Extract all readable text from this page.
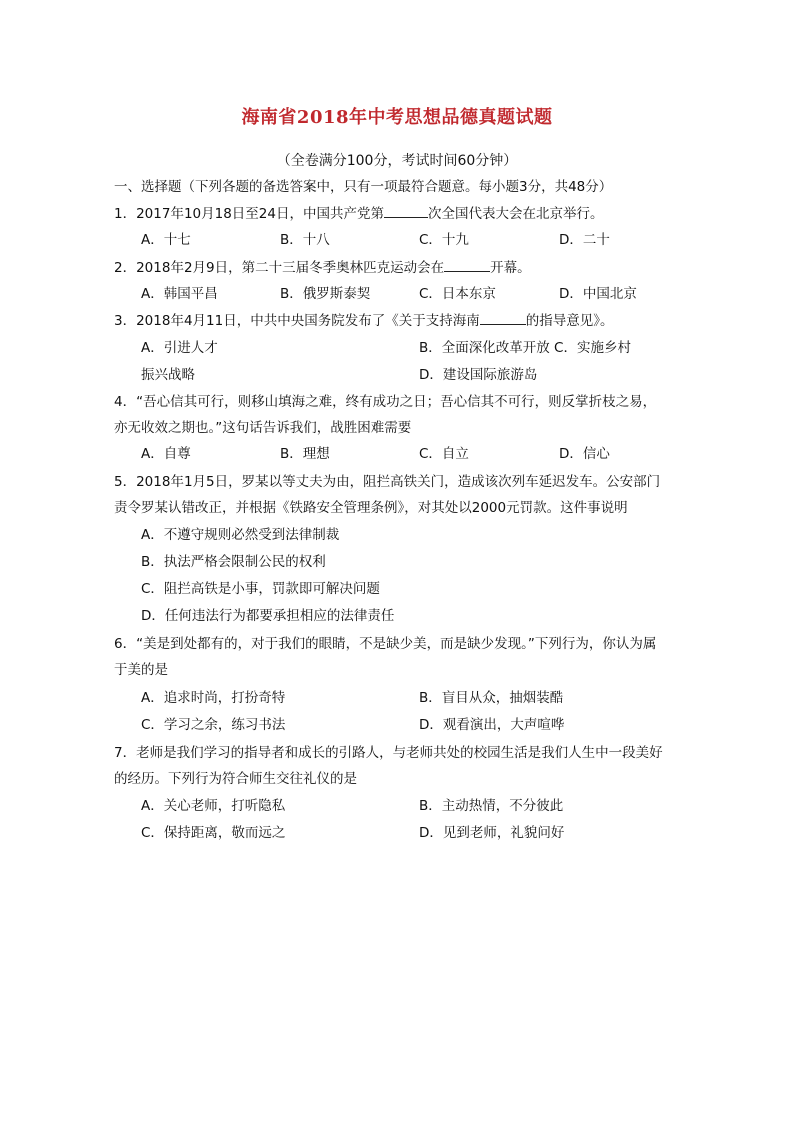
海南省2018年中考思想品德真题试题
（全卷满分100分，考试时间60分钟）
一、选择题（下列各题的备选答案中，只有一项最符合题意。每小题3分，共48分）
1．2017年10月18日至24日，中国共产党第	次全国代表大会在北京举行。
A．十七	B．十八	C．十九	D．二十
2．2018年2月9日，第二十三届冬季奥林匹克运动会在	开幕。
A．韩国平昌	B．俄罗斯泰契	C．日本东京	D．中国北京
3．2018年4月11日，中共中央国务院发布了《关于支持海南	的指导意见》。
A．引进人才	B．全面深化改革开放 C．实施乡村
振兴战略	D．建设国际旅游岛
4．“吾心信其可行，则移山填海之难，终有成功之日；吾心信其不可行，则反掌折枝之易，
亦无收效之期也。”这句话告诉我们，战胜困难需要
A．自尊	B．理想	C．自立	D．信心
5．2018年1月5日，罗某以等丈夫为由，阻拦高铁关门，造成该次列车延迟发车。公安部门
责令罗某认错改正，并根据《铁路安全管理条例》，对其处以2000元罚款。这件事说明
A．不遵守规则必然受到法律制裁
B．执法严格会限制公民的权利
C．阻拦高铁是小事，罚款即可解决问题
D．任何违法行为都要承担相应的法律责任
6．“美是到处都有的，对于我们的眼睛，不是缺少美，而是缺少发现。”下列行为，你认为属
于美的是
A．追求时尚，打扮奇特	B．盲目从众，抽烟装酷
C．学习之余，练习书法	D．观看演出，大声喧哗
7．老师是我们学习的指导者和成长的引路人，与老师共处的校园生活是我们人生中一段美好
的经历。下列行为符合师生交往礼仪的是
A．关心老师，打听隐私	B．主动热情，不分彼此
C．保持距离，敬而远之	D．见到老师，礼貌问好
